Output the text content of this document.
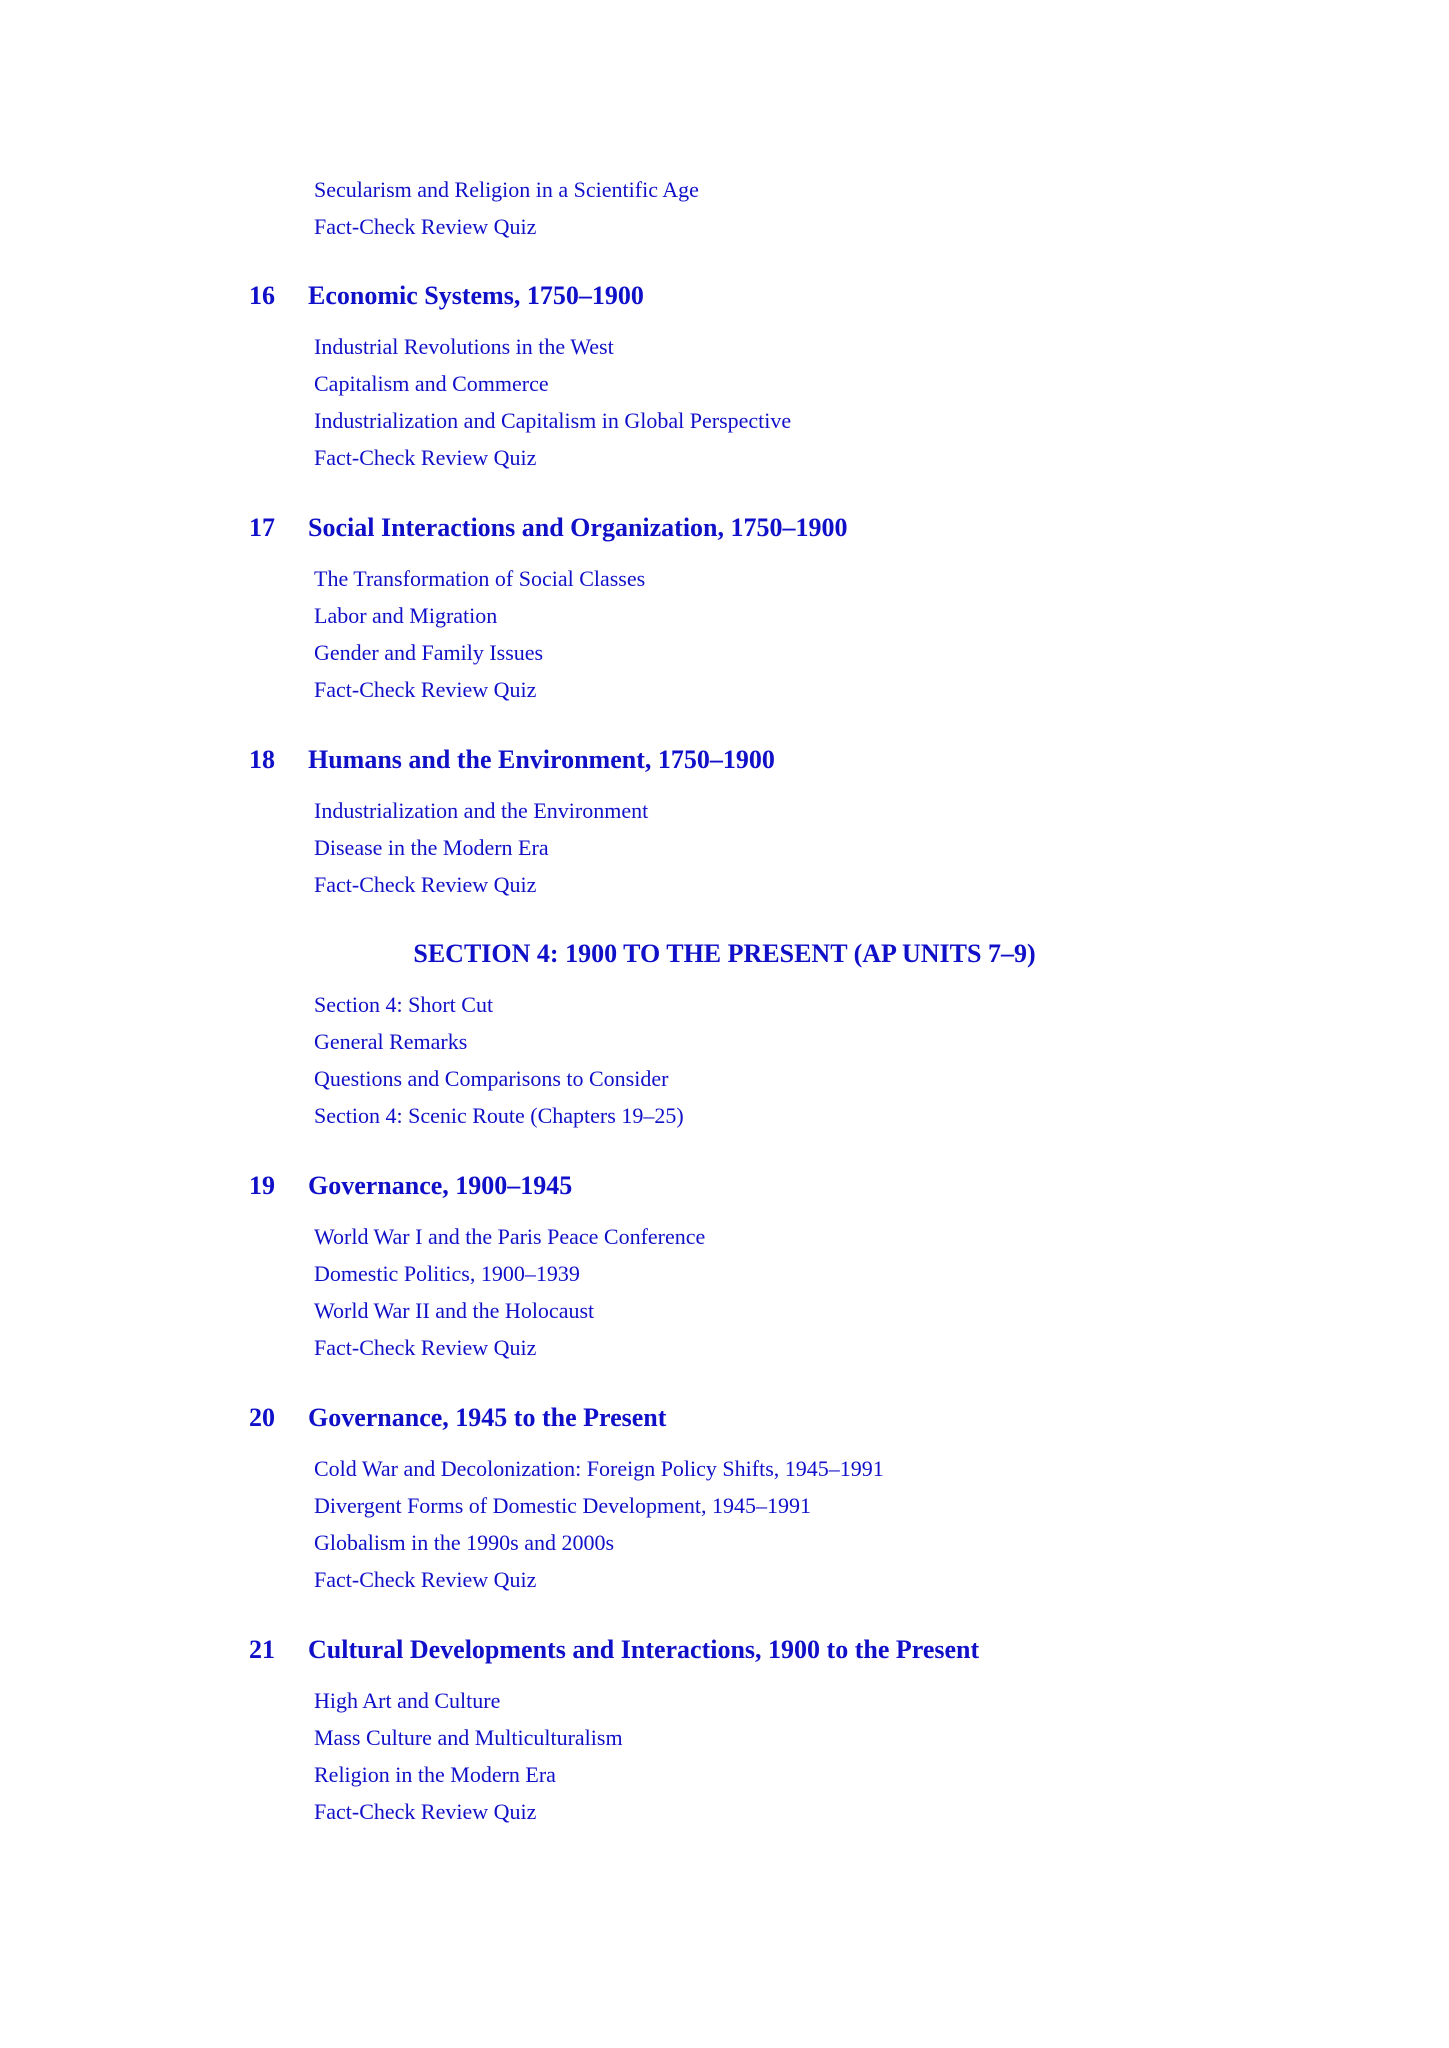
Secularism and Religion in a Scientific Age
Fact-Check Review Quiz
16 Economic Systems, 1750–1900
Industrial Revolutions in the West
Capitalism and Commerce
Industrialization and Capitalism in Global Perspective
Fact-Check Review Quiz
17 Social Interactions and Organization, 1750–1900
The Transformation of Social Classes
Labor and Migration
Gender and Family Issues
Fact-Check Review Quiz
18 Humans and the Environment, 1750–1900
Industrialization and the Environment
Disease in the Modern Era
Fact-Check Review Quiz
SECTION 4: 1900 TO THE PRESENT (AP UNITS 7–9)
Section 4: Short Cut
General Remarks
Questions and Comparisons to Consider
Section 4: Scenic Route (Chapters 19–25)
19 Governance, 1900–1945
World War I and the Paris Peace Conference
Domestic Politics, 1900–1939
World War II and the Holocaust
Fact-Check Review Quiz
20 Governance, 1945 to the Present
Cold War and Decolonization: Foreign Policy Shifts, 1945–1991
Divergent Forms of Domestic Development, 1945–1991
Globalism in the 1990s and 2000s
Fact-Check Review Quiz
21 Cultural Developments and Interactions, 1900 to the Present
High Art and Culture
Mass Culture and Multiculturalism
Religion in the Modern Era
Fact-Check Review Quiz
